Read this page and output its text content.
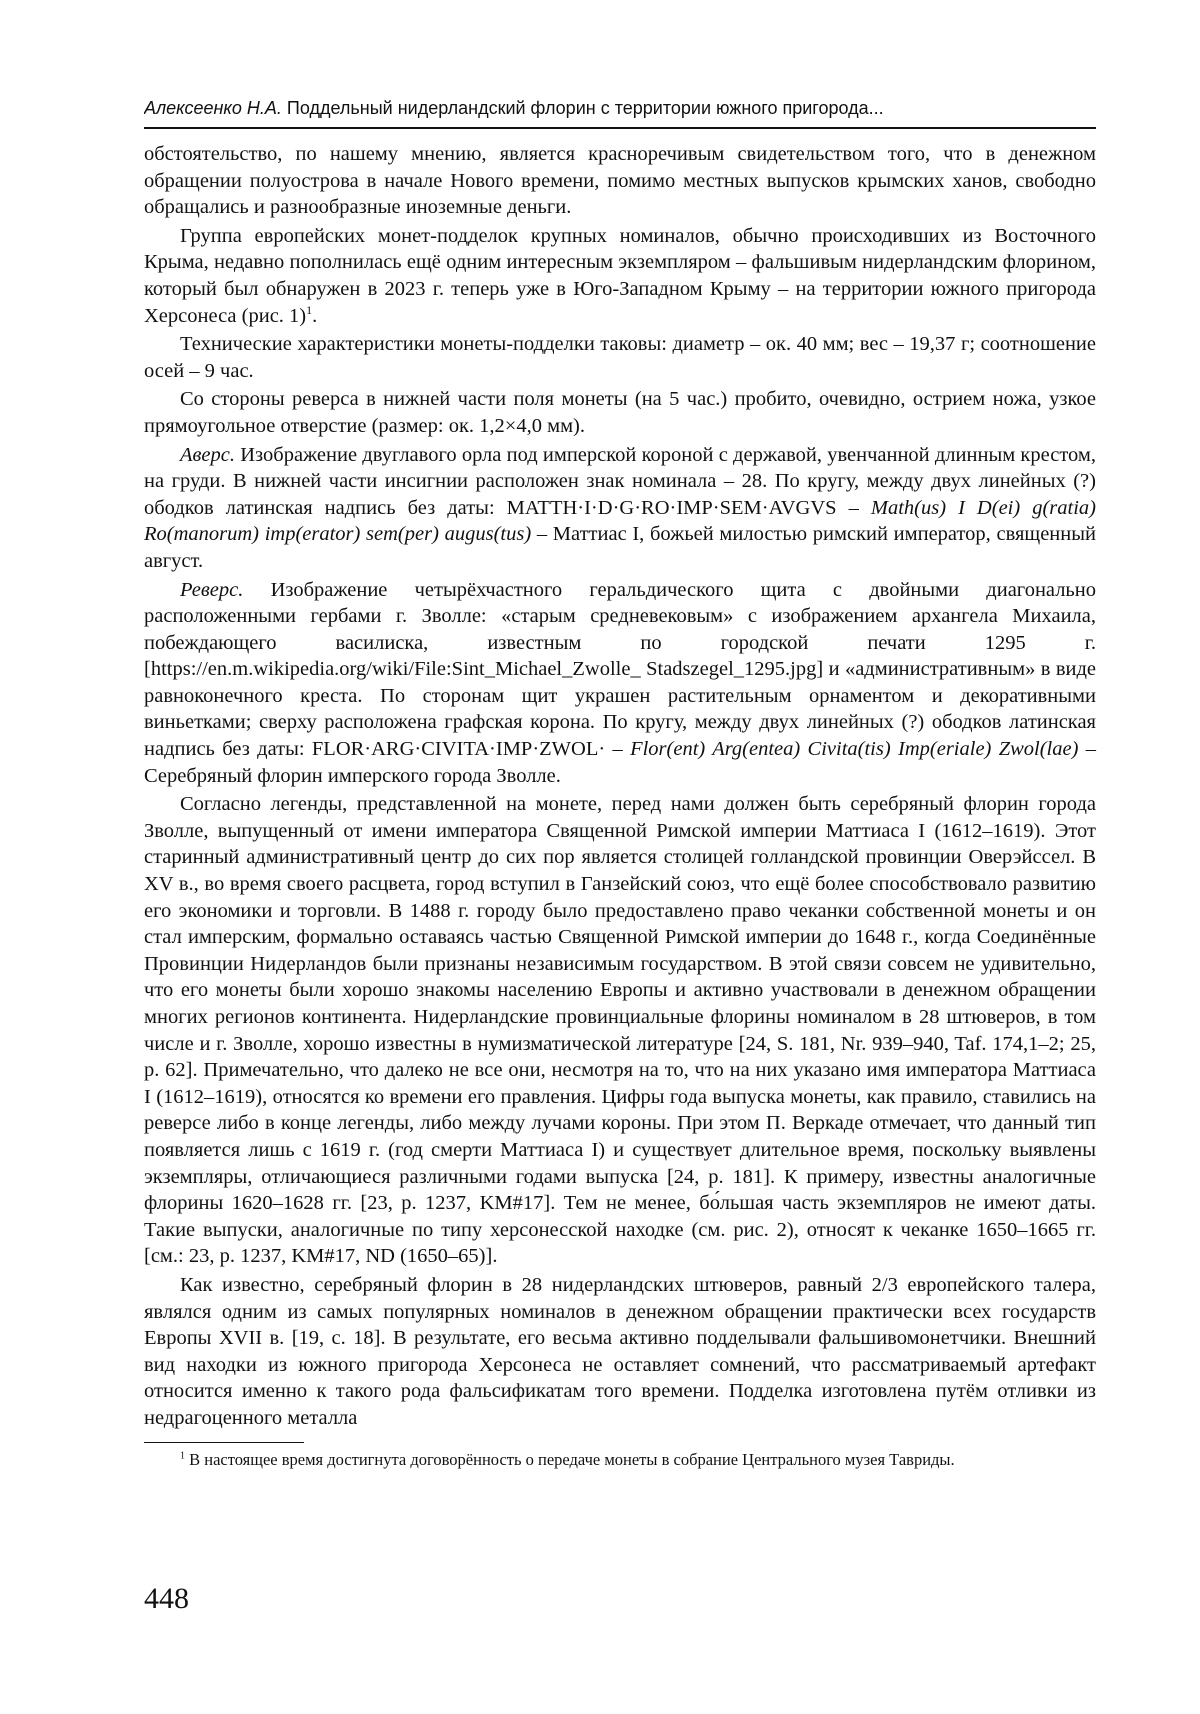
Алексеенко Н.А. Поддельный нидерландский флорин с территории южного пригорода...

обстоятельство, по нашему мнению, является красноречивым свидетельством того, что в денежном обращении полуострова в начале Нового времени, помимо местных выпусков крымских ханов, свободно обращались и разнообразные иноземные деньги.

Группа европейских монет-подделок крупных номиналов, обычно происходивших из Восточного Крыма, недавно пополнилась ещё одним интересным экземпляром – фальшивым нидерландским флорином, который был обнаружен в 2023 г. теперь уже в Юго-Западном Крыму – на территории южного пригорода Херсонеса (рис. 1)$^1$.

Технические характеристики монеты-подделки таковы: диаметр – ок. 40 мм; вес – 19,37 г; соотношение осей – 9 час.

Со стороны реверса в нижней части поля монеты (на 5 час.) пробито, очевидно, острием ножа, узкое прямоугольное отверстие (размер: ок. 1,2×4,0 мм).

Аверс. Изображение двуглавого орла под имперской короной с державой, увенчанной длинным крестом, на груди. В нижней части инсигнии расположен знак номинала – 28. По кругу, между двух линейных (?) ободков латинская надпись без даты: MATTH·I·D·G·RO·IMP·SEM·AVGVS – Math(us) I D(ei) g(ratia) Ro(manorum) imp(erator) sem(per) augus(tus) – Маттиас I, божьей милостью римский император, священный август.

Реверс. Изображение четырёхчастного геральдического щита с двойными диагонально расположенными гербами г. Зволле: «старым средневековым» с изображением архангела Михаила, побеждающего василиска, известным по городской печати 1295 г. [https://en.m.wikipedia.org/wiki/File:Sint_Michael_Zwolle_ Stadszegel_1295.jpg] и «административным» в виде равноконечного креста. По сторонам щит украшен растительным орнаментом и декоративными виньетками; сверху расположена графская корона. По кругу, между двух линейных (?) ободков латинская надпись без даты: FLOR·ARG·CIVITA·IMP·ZWOL· – Flor(ent) Arg(entea) Civita(tis) Imp(eriale) Zwol(lae) – Серебряный флорин имперского города Зволле.

Согласно легенды, представленной на монете, перед нами должен быть серебряный флорин города Зволле, выпущенный от имени императора Священной Римской империи Маттиаса I (1612–1619). Этот старинный административный центр до сих пор является столицей голландской провинции Оверэйссел. В XV в., во время своего расцвета, город вступил в Ганзейский союз, что ещё более способствовало развитию его экономики и торговли. В 1488 г. городу было предоставлено право чеканки собственной монеты и он стал имперским, формально оставаясь частью Священной Римской империи до 1648 г., когда Соединённые Провинции Нидерландов были признаны независимым государством. В этой связи совсем не удивительно, что его монеты были хорошо знакомы населению Европы и активно участвовали в денежном обращении многих регионов континента. Нидерландские провинциальные флорины номиналом в 28 штюверов, в том числе и г. Зволле, хорошо известны в нумизматической литературе [24, S. 181, Nr. 939–940, Taf. 174,1–2; 25, p. 62]. Примечательно, что далеко не все они, несмотря на то, что на них указано имя императора Маттиаса I (1612–1619), относятся ко времени его правления. Цифры года выпуска монеты, как правило, ставились на реверсе либо в конце легенды, либо между лучами короны. При этом П. Веркаде отмечает, что данный тип появляется лишь с 1619 г. (год смерти Маттиаса I) и существует длительное время, поскольку выявлены экземпляры, отличающиеся различными годами выпуска [24, p. 181]. К примеру, известны аналогичные флорины 1620–1628 гг. [23, p. 1237, KM#17]. Тем не менее, бо́льшая часть экземпляров не имеют даты. Такие выпуски, аналогичные по типу херсонесской находке (см. рис. 2), относят к чеканке 1650–1665 гг. [см.: 23, p. 1237, KM#17, ND (1650–65)].

Как известно, серебряный флорин в 28 нидерландских штюверов, равный 2/3 европейского талера, являлся одним из самых популярных номиналов в денежном обращении практически всех государств Европы XVII в. [19, с. 18]. В результате, его весьма активно подделывали фальшивомонетчики. Внешний вид находки из южного пригорода Херсонеса не оставляет сомнений, что рассматриваемый артефакт относится именно к такого рода фальсификатам того времени. Подделка изготовлена путём отливки из недрагоценного металла

$^1$ В настоящее время достигнута договорённость о передаче монеты в собрание Центрального музея Тавриды.
448
